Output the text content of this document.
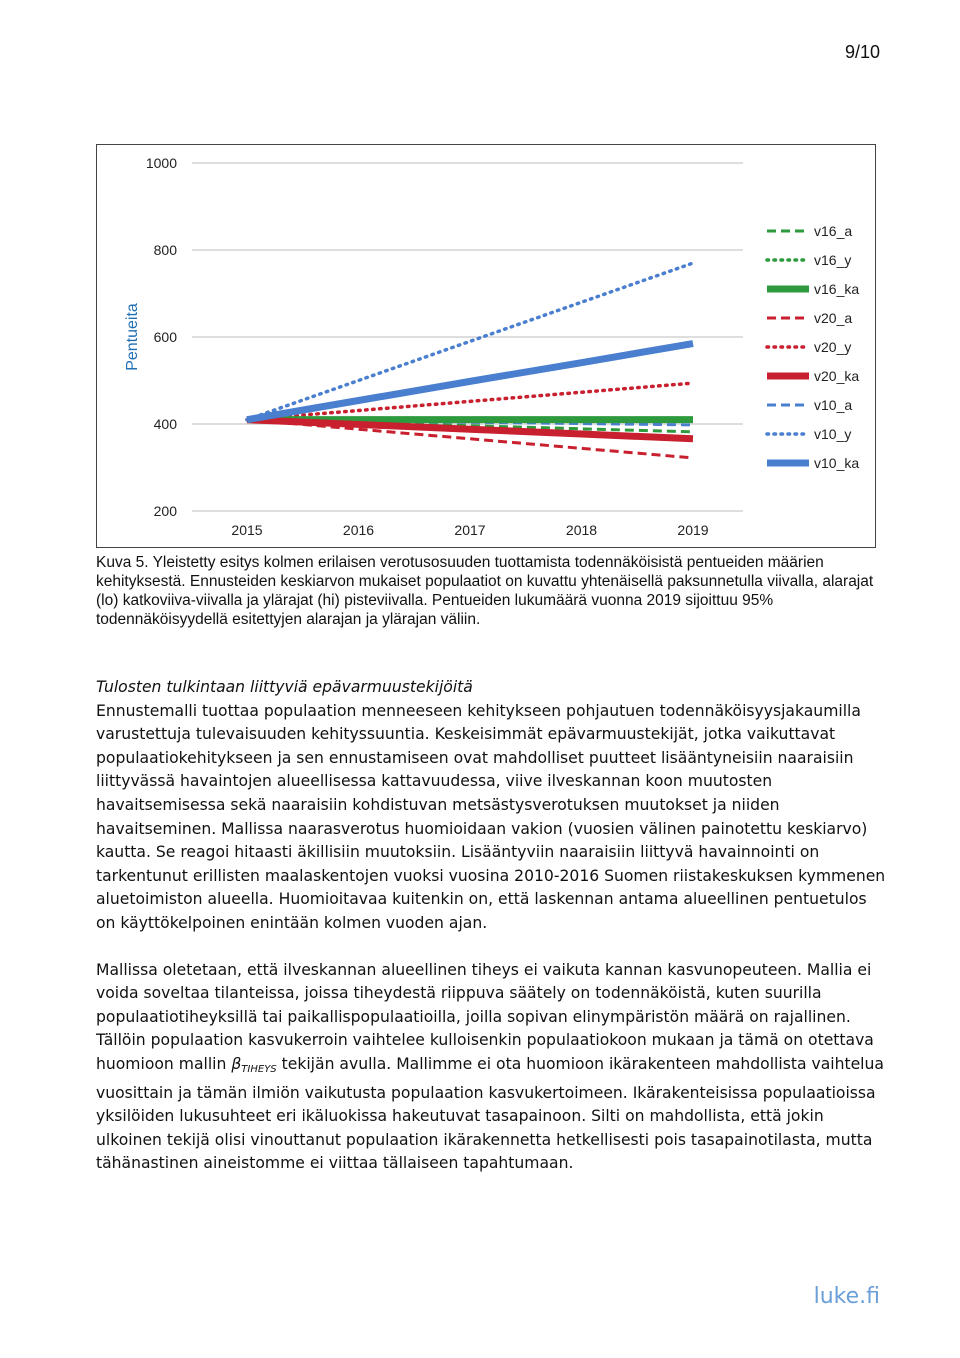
9/10
200
400
600
800
1000
2015	2016	2017	2018	2019
Pentueita
v16_a
v16_y
v16_ka
v20_a
v20_y
v20_ka
v10_a
v10_y
v10_ka

Kuva 5. Yleistetty esitys kolmen erilaisen verotusosuuden tuottamista todennäköisistä pentueiden määrien kehityksestä. Ennusteiden keskiarvon mukaiset populaatiot on kuvattu yhtenäisellä paksunnetulla viivalla, alarajat (lo) katkoviiva-viivalla ja ylärajat (hi) pisteviivalla. Pentueiden lukumäärä vuonna 2019 sijoittuu 95% todennäköisyydellä esitettyjen alarajan ja ylärajan väliin.

Tulosten tulkintaan liittyviä epävarmuustekijöitä

Ennustemalli tuottaa populaation menneeseen kehitykseen pohjautuen todennäköisyysjakaumilla varustettuja tulevaisuuden kehityssuuntia. Keskeisimmät epävarmuustekijät, jotka vaikuttavat populaatiokehitykseen ja sen ennustamiseen ovat mahdolliset puutteet lisääntyneisiin naaraisiin liittyvässä havaintojen alueellisessa kattavuudessa, viive ilveskannan koon muutosten havaitsemisessa sekä naaraisiin kohdistuvan metsästysverotuksen muutokset ja niiden havaitseminen. Mallissa naarasverotus huomioidaan vakion (vuosien välinen painotettu keskiarvo) kautta. Se reagoi hitaasti äkillisiin muutoksiin. Lisääntyviin naaraisiin liittyvä havainnointi on tarkentunut erillisten maalaskentojen vuoksi vuosina 2010-2016 Suomen riistakeskuksen kymmenen aluetoimiston alueella. Huomioitavaa kuitenkin on, että laskennan antama alueellinen pentuetulos on käyttökelpoinen enintään kolmen vuoden ajan.

Mallissa oletetaan, että ilveskannan alueellinen tiheys ei vaikuta kannan kasvunopeuteen. Mallia ei voida soveltaa tilanteissa, joissa tiheydestä riippuva säätely on todennäköistä, kuten suurilla populaatiotiheyksillä tai paikallispopulaatioilla, joilla sopivan elinympäristön määrä on rajallinen. Tällöin populaation kasvukerroin vaihtelee kulloisenkin populaatiokoon mukaan ja tämä on otettava huomioon mallin βTIHEYS tekijän avulla. Mallimme ei ota huomioon ikärakenteen mahdollista vaihtelua vuosittain ja tämän ilmiön vaikutusta populaation kasvukertoimeen. Ikärakenteisissa populaatioissa yksilöiden lukusuhteet eri ikäluokissa hakeutuvat tasapainoon. Silti on mahdollista, että jokin ulkoinen tekijä olisi vinouttanut populaation ikärakennetta hetkellisesti pois tasapainotilasta, mutta tähänastinen aineistomme ei viittaa tällaiseen tapahtumaan.

luke.fi
